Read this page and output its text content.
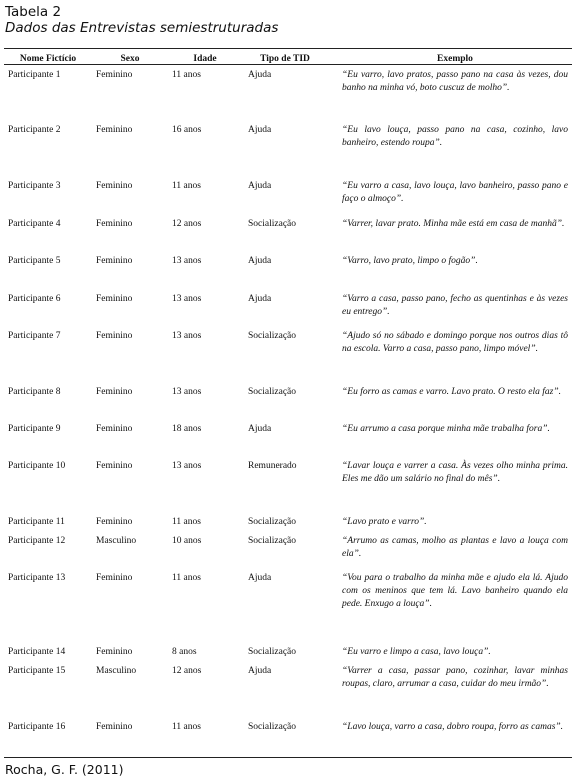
Tabela 2
Dados das Entrevistas semiestruturadas
Nome Fictício	Sexo	Idade	Tipo de TID	Exemplo
Participante 1	Feminino	11 anos	Ajuda	“Eu varro, lavo pratos, passo pano na casa às vezes, dou banho na minha vó, boto cuscuz de molho”.
Participante 2	Feminino	16 anos	Ajuda	“Eu lavo louça, passo pano na casa, cozinho, lavo banheiro, estendo roupa”.
Participante 3	Feminino	11 anos	Ajuda	“Eu varro a casa, lavo louça, lavo banheiro, passo pano e faço o almoço”.
Participante 4	Feminino	12 anos	Socialização	“Varrer, lavar prato. Minha mãe está em casa de manhã”.
Participante 5	Feminino	13 anos	Ajuda	“Varro, lavo prato, limpo o fogão”.
Participante 6	Feminino	13 anos	Ajuda	“Varro a casa, passo pano, fecho as quentinhas e às vezes eu entrego”.
Participante 7	Feminino	13 anos	Socialização	“Ajudo só no sábado e domingo porque nos outros dias tô na escola. Varro a casa, passo pano, limpo móvel”.
Participante 8	Feminino	13 anos	Socialização	“Eu forro as camas e varro. Lavo prato. O resto ela faz”.
Participante 9	Feminino	18 anos	Ajuda	“Eu arrumo a casa porque minha mãe trabalha fora”.
Participante 10	Feminino	13 anos	Remunerado	“Lavar louça e varrer a casa. Às vezes olho minha prima. Eles me dão um salário no final do mês”.
Participante 11	Feminino	11 anos	Socialização	“Lavo prato e varro”.
Participante 12	Masculino	10 anos	Socialização	“Arrumo as camas, molho as plantas e lavo a louça com ela”.
Participante 13	Feminino	11 anos	Ajuda	“Vou para o trabalho da minha mãe e ajudo ela lá. Ajudo com os meninos que tem lá. Lavo banheiro quando ela pede. Enxugo a louça”.
Participante 14	Feminino	8 anos	Socialização	“Eu varro e limpo a casa, lavo louça”.
Participante 15	Masculino	12 anos	Ajuda	“Varrer a casa, passar pano, cozinhar, lavar minhas roupas, claro, arrumar a casa, cuidar do meu irmão”.
Participante 16	Feminino	11 anos	Socialização	“Lavo louça, varro a casa, dobro roupa, forro as camas”.
Rocha, G. F. (2011)
